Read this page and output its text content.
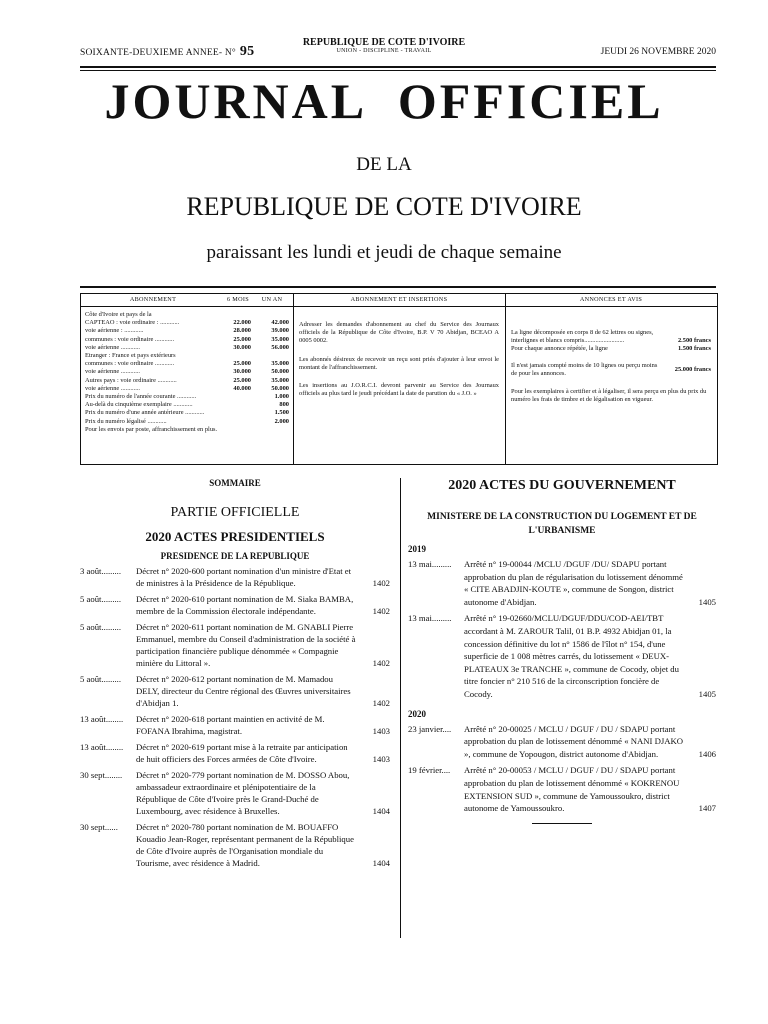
SOIXANTE-DEUXIEME ANNEE- N° 95
REPUBLIQUE DE COTE D'IVOIRE
UNION - DISCIPLINE - TRAVAIL	JEUDI 26 NOVEMBRE 2020
JOURNAL OFFICIEL
DE LA
REPUBLIQUE DE COTE D'IVOIRE
paraissant les lundi et jeudi de chaque semaine
ABONNEMENT	6 MOIS	UN AN
Côte d'Ivoire et pays de la
CAPTEAO : voie ordinaire : ............	22.000	42.000
voie aérienne : ............	28.000	39.000
communes : voie ordinaire ............	25.000	35.000
voie aérienne ............	30.000	56.000
Etranger : France et pays extérieurs
communes : voie ordinaire ............	25.000	35.000
voie aérienne ............	30.000	50.000
Autres pays : voie ordinaire ............	25.000	35.000
voie aérienne ............	40.000	50.000
Prix du numéro de l'année courante ............	1.000
Au-delà du cinquième exemplaire ............	800
Prix du numéro d'une année antérieure ............	1.500
Prix du numéro légalisé ............	2.000
Pour les envois par poste, affranchissement en plus.
ABONNEMENT ET INSERTIONS
Adresser les demandes d'abonnement au chef du Service des Journaux officiels de la République de Côte d'Ivoire, B.P. V 70 Abidjan, BCEAO A 0005 0002.
Les abonnés désireux de recevoir un reçu sont priés d'ajouter à leur envoi le montant de l'affranchissement.
Les insertions au J.O.R.C.I. devront parvenir au Service des Journaux officiels au plus tard le jeudi précédant la date de parution du « J.O. »
ANNONCES ET AVIS
La ligne décomposée en corps 8 de 62 lettres ou signes, interlignes et blancs compris.........................	2.500 francs
Pour chaque annonce répétée, la ligne	1.500 francs
Il n'est jamais compté moins de 10 lignes ou perçu moins de pour les annonces.
25.000 francs
Pour les exemplaires à certifier et à légaliser, il sera perçu en plus du prix du numéro les frais de timbre et de légalisation en vigueur.
SOMMAIRE
PARTIE OFFICIELLE
2020 ACTES PRESIDENTIELS
PRESIDENCE DE LA REPUBLIQUE
3 août.........	Décret n° 2020-600 portant nomination d'un ministre d'Etat et de ministres à la Présidence de la République.	1402
5 août.........	Décret n° 2020-610 portant nomination de M. Siaka BAMBA, membre de la Commission électorale indépendante.	1402
5 août.........	Décret n° 2020-611 portant nomination de M. GNABLI Pierre Emmanuel, membre du Conseil d'administration de la société à participation financière publique dénommée « Compagnie minière du Littoral ».	1402
5 août.........	Décret n° 2020-612 portant nomination de M. Mamadou DELY, directeur du Centre régional des Œuvres universitaires d'Abidjan 1.	1402
13 août........	Décret n° 2020-618 portant maintien en activité de M. FOFANA Ibrahima, magistrat.	1403
13 août........	Décret n° 2020-619 portant mise à la retraite par anticipation de huit officiers des Forces armées de Côte d'Ivoire.	1403
30 sept........	Décret n° 2020-779 portant nomination de M. DOSSO Abou, ambassadeur extraordinaire et plénipotentiaire de la République de Côte d'Ivoire près le Grand-Duché de Luxembourg, avec résidence à Bruxelles.	1404
30 sept......	Décret n° 2020-780 portant nomination de M. BOUAFFO Kouadio Jean-Roger, représentant permanent de la République de Côte d'Ivoire auprès de l'Organisation mondiale du Tourisme, avec résidence à Madrid.	1404
2020 ACTES DU GOUVERNEMENT
MINISTERE DE LA CONSTRUCTION DU LOGEMENT ET DE L'URBANISME
2019
13 mai.........	Arrêté n° 19-00044 /MCLU /DGUF /DU/ SDAPU portant approbation du plan de régularisation du lotissement dénommé « CITE ABADJIN-KOUTE », commune de Songon, district autonome d'Abidjan.	1405
13 mai.........	Arrêté n° 19-02660/MCLU/DGUF/DDU/COD-AEI/TBT accordant à M. ZAROUR Talil, 01 B.P. 4932 Abidjan 01, la concession définitive du lot n° 1586 de l'îlot n° 154, d'une superficie de 1 008 mètres carrés, du lotissement « DEUX-PLATEAUX 3e TRANCHE », commune de Cocody, objet du titre foncier n° 210 516 de la circonscription foncière de Cocody.	1405
2020
23 janvier....	Arrêté n° 20-00025 / MCLU / DGUF / DU / SDAPU portant approbation du plan de lotissement dénommé « NANI DJAKO », commune de Yopougon, district autonome d'Abidjan.	1406
19 février....	Arrêté n° 20-00053 / MCLU / DGUF / DU / SDAPU portant approbation du plan de lotissement dénommé « KOKRENOU EXTENSION SUD », commune de Yamoussoukro, district autonome de Yamoussoukro.	1407
